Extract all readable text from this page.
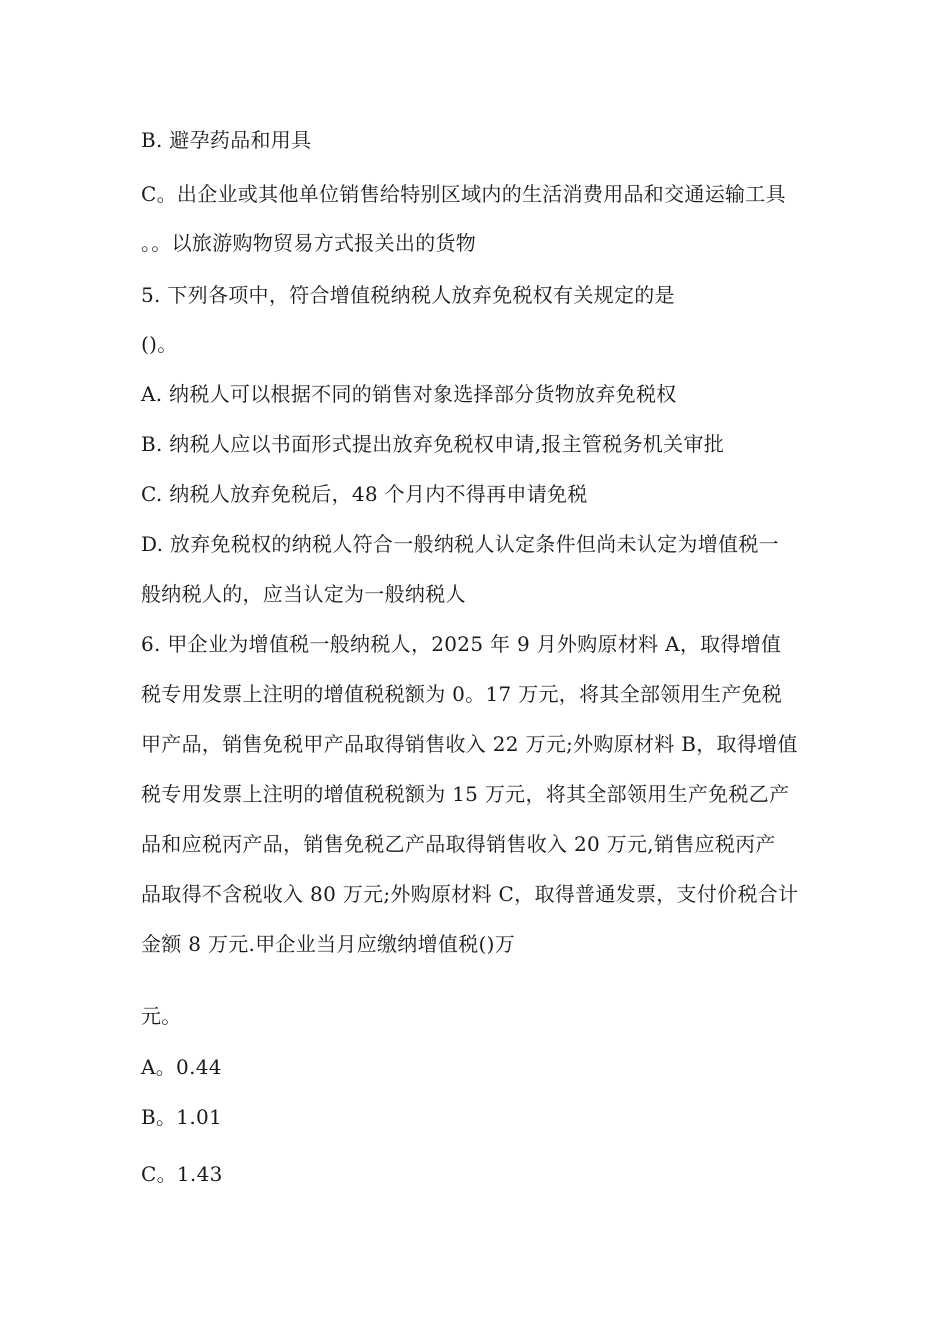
B. 避孕药品和用具
C。出企业或其他单位销售给特别区域内的生活消费用品和交通运输工具
。。以旅游购物贸易方式报关出的货物
5. 下列各项中，符合增值税纳税人放弃免税权有关规定的是
()。
A. 纳税人可以根据不同的销售对象选择部分货物放弃免税权
B. 纳税人应以书面形式提出放弃免税权申请,报主管税务机关审批
C. 纳税人放弃免税后，48 个月内不得再申请免税
D. 放弃免税权的纳税人符合一般纳税人认定条件但尚未认定为增值税一
般纳税人的，应当认定为一般纳税人
6. 甲企业为增值税一般纳税人，2025 年 9 月外购原材料 A，取得增值
税专用发票上注明的增值税税额为 0。17 万元，将其全部领用生产免税
甲产品，销售免税甲产品取得销售收入 22 万元;外购原材料 B，取得增值
税专用发票上注明的增值税税额为 15 万元，将其全部领用生产免税乙产
品和应税丙产品，销售免税乙产品取得销售收入 20 万元,销售应税丙产
品取得不含税收入 80 万元;外购原材料 C，取得普通发票，支付价税合计
金额 8 万元.甲企业当月应缴纳增值税()万
元。
A。0.44
B。1.01
C。1.43
